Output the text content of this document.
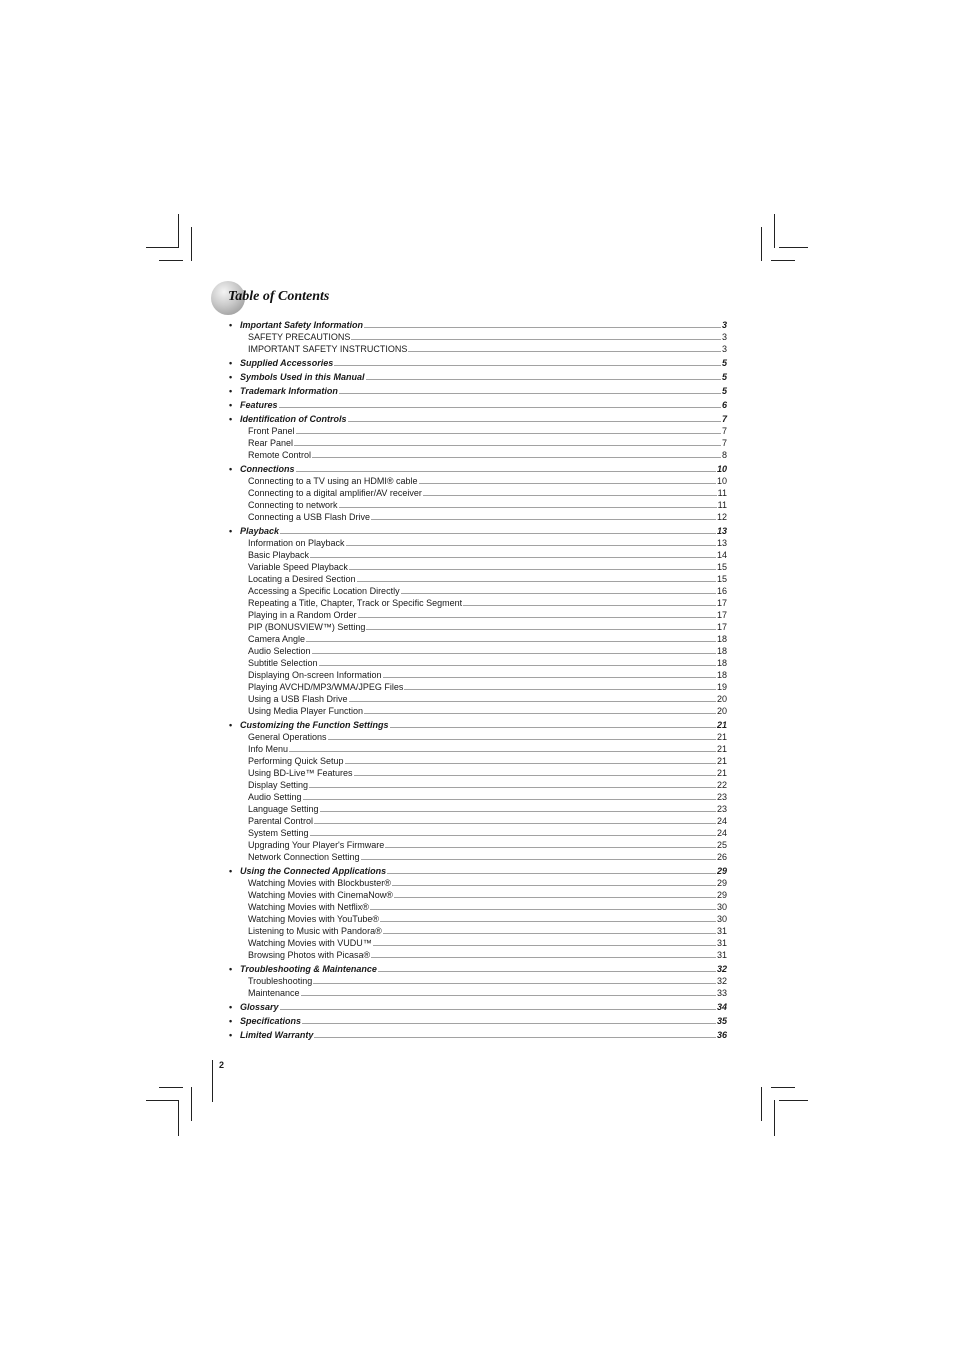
Table of Contents
• Important Safety Information	3
SAFETY PRECAUTIONS	3
IMPORTANT SAFETY INSTRUCTIONS	3
• Supplied Accessories	5
• Symbols Used in this Manual	5
• Trademark Information	5
• Features	6
• Identification of Controls	7
Front Panel	7
Rear Panel	7
Remote Control	8
• Connections	10
Connecting to a TV using an HDMI® cable	10
Connecting to a digital amplifier/AV receiver	11
Connecting to network	11
Connecting a USB Flash Drive	12
• Playback	13
Information on Playback	13
Basic Playback	14
Variable Speed Playback	15
Locating a Desired Section	15
Accessing a Specific Location Directly	16
Repeating a Title, Chapter, Track or Specific Segment	17
Playing in a Random Order	17
PIP (BONUSVIEW™) Setting	17
Camera Angle	18
Audio Selection	18
Subtitle Selection	18
Displaying On-screen Information	18
Playing AVCHD/MP3/WMA/JPEG Files	19
Using a USB Flash Drive	20
Using Media Player Function	20
• Customizing the Function Settings	21
General Operations	21
Info Menu	21
Performing Quick Setup	21
Using BD-Live™ Features	21
Display Setting	22
Audio Setting	23
Language Setting	23
Parental Control	24
System Setting	24
Upgrading Your Player's Firmware	25
Network Connection Setting	26
• Using the Connected Applications	29
Watching Movies with Blockbuster®	29
Watching Movies with CinemaNow®	29
Watching Movies with Netflix®	30
Watching Movies with YouTube®	30
Listening to Music with Pandora®	31
Watching Movies with VUDU™	31
Browsing Photos with Picasa®	31
• Troubleshooting & Maintenance	32
Troubleshooting	32
Maintenance	33
• Glossary	34
• Specifications	35
• Limited Warranty	36
2
